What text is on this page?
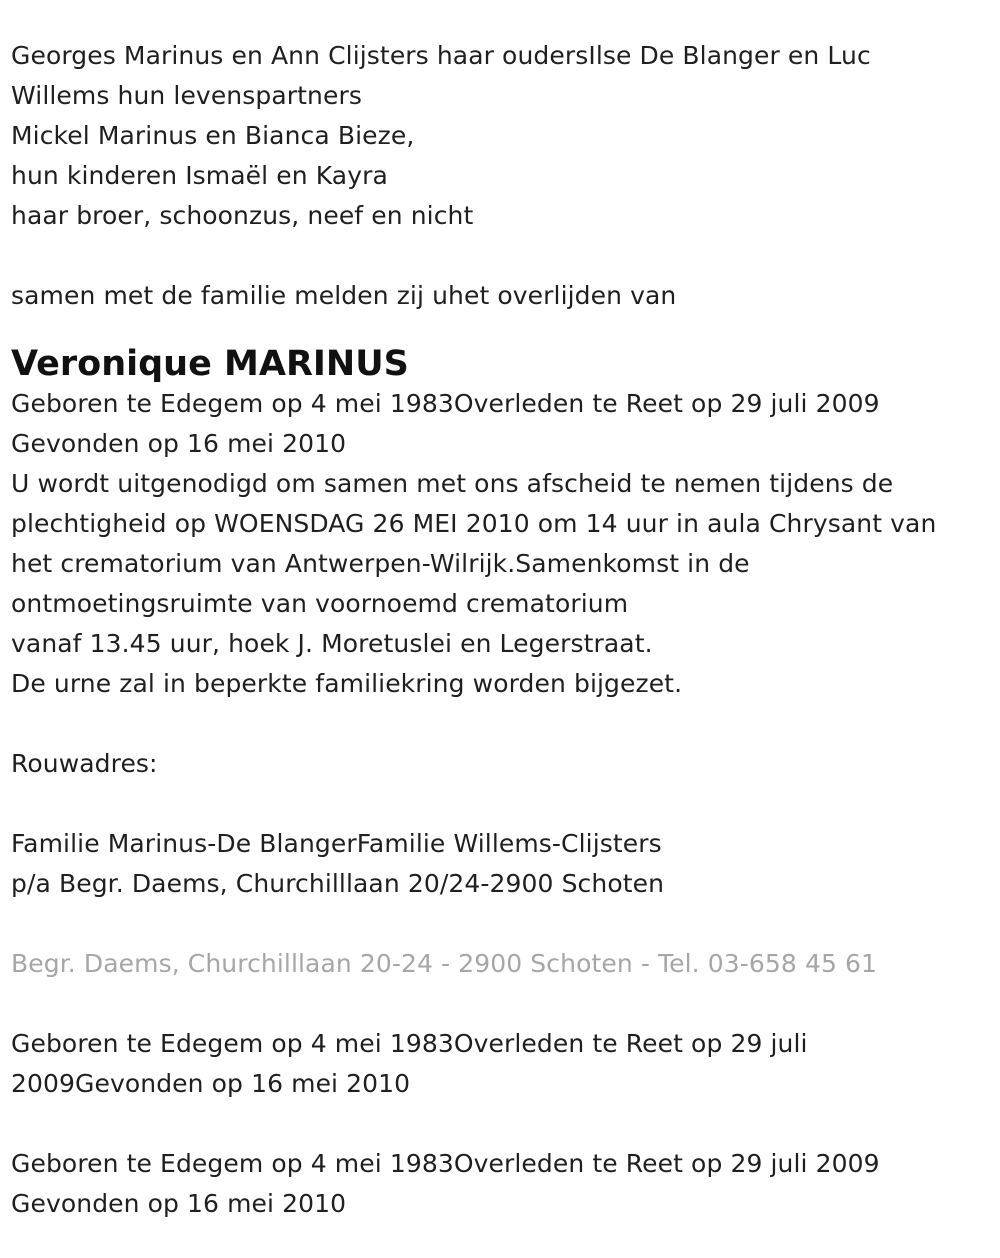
Georges Marinus en Ann Clijsters haar oudersIlse De Blanger en Luc
Willems hun levenspartners
Mickel Marinus en Bianca Bieze,
hun kinderen Ismaël en Kayra
haar broer, schoonzus, neef en nicht
samen met de familie melden zij uhet overlijden van
Veronique MARINUS
Geboren te Edegem op 4 mei 1983Overleden te Reet op 29 juli 2009
Gevonden op 16 mei 2010
U wordt uitgenodigd om samen met ons afscheid te nemen tijdens de
plechtigheid op WOENSDAG 26 MEI 2010 om 14 uur in aula Chrysant van
het crematorium van Antwerpen-Wilrijk.Samenkomst in de
ontmoetingsruimte van voornoemd crematorium
vanaf 13.45 uur, hoek J. Moretuslei en Legerstraat.
De urne zal in beperkte familiekring worden bijgezet.
Rouwadres:
Familie Marinus-De BlangerFamilie Willems-Clijsters
p/a Begr. Daems, Churchilllaan 20/24-2900 Schoten
Begr. Daems, Churchilllaan 20-24 - 2900 Schoten - Tel. 03-658 45 61
Geboren te Edegem op 4 mei 1983Overleden te Reet op 29 juli
2009Gevonden op 16 mei 2010
Geboren te Edegem op 4 mei 1983Overleden te Reet op 29 juli 2009
Gevonden op 16 mei 2010
